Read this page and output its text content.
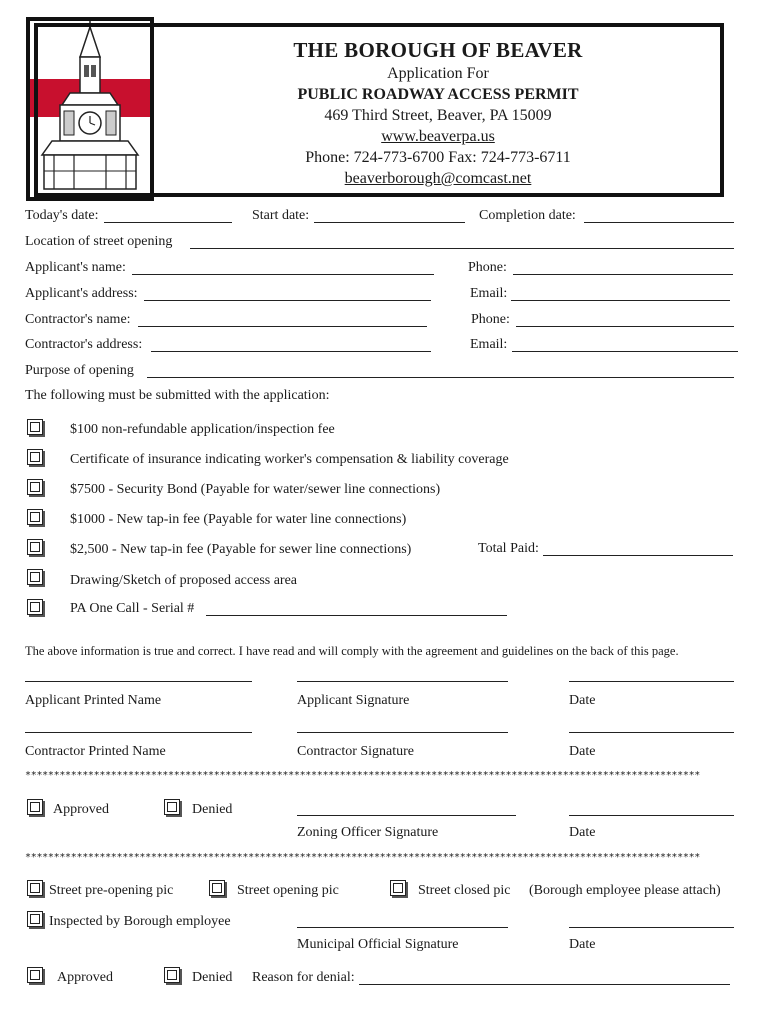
THE BOROUGH OF BEAVER
Application For
PUBLIC ROADWAY ACCESS PERMIT
469 Third Street, Beaver, PA 15009
www.beaverpa.us
Phone: 724-773-6700 Fax: 724-773-6711
beaverborough@comcast.net
Today's date:	Start date:	Completion date:
Location of street opening
Applicant's name:	Phone:
Applicant's address:	Email:
Contractor's name:	Phone:
Contractor's address:	Email:
Purpose of opening
The following must be submitted with the application:
$100 non-refundable application/inspection fee
Certificate of insurance indicating worker's compensation & liability coverage
$7500 - Security Bond (Payable for water/sewer line connections)
$1000 - New tap-in fee (Payable for water line connections)
$2,500 - New tap-in fee (Payable for sewer line connections)	Total Paid:
Drawing/Sketch of proposed access area
PA One Call - Serial #
The above information is true and correct. I have read and will comply with the agreement and guidelines on the back of this page.
Applicant Printed Name	Applicant Signature	Date
Contractor Printed Name	Contractor Signature	Date
**********************************************************************************************************************
Approved	Denied
Zoning Officer Signature	Date
**********************************************************************************************************************
Street pre-opening pic	Street opening pic	Street closed pic (Borough employee please attach)
Inspected by Borough employee
Municipal Official Signature	Date
Approved	Denied Reason for denial:
